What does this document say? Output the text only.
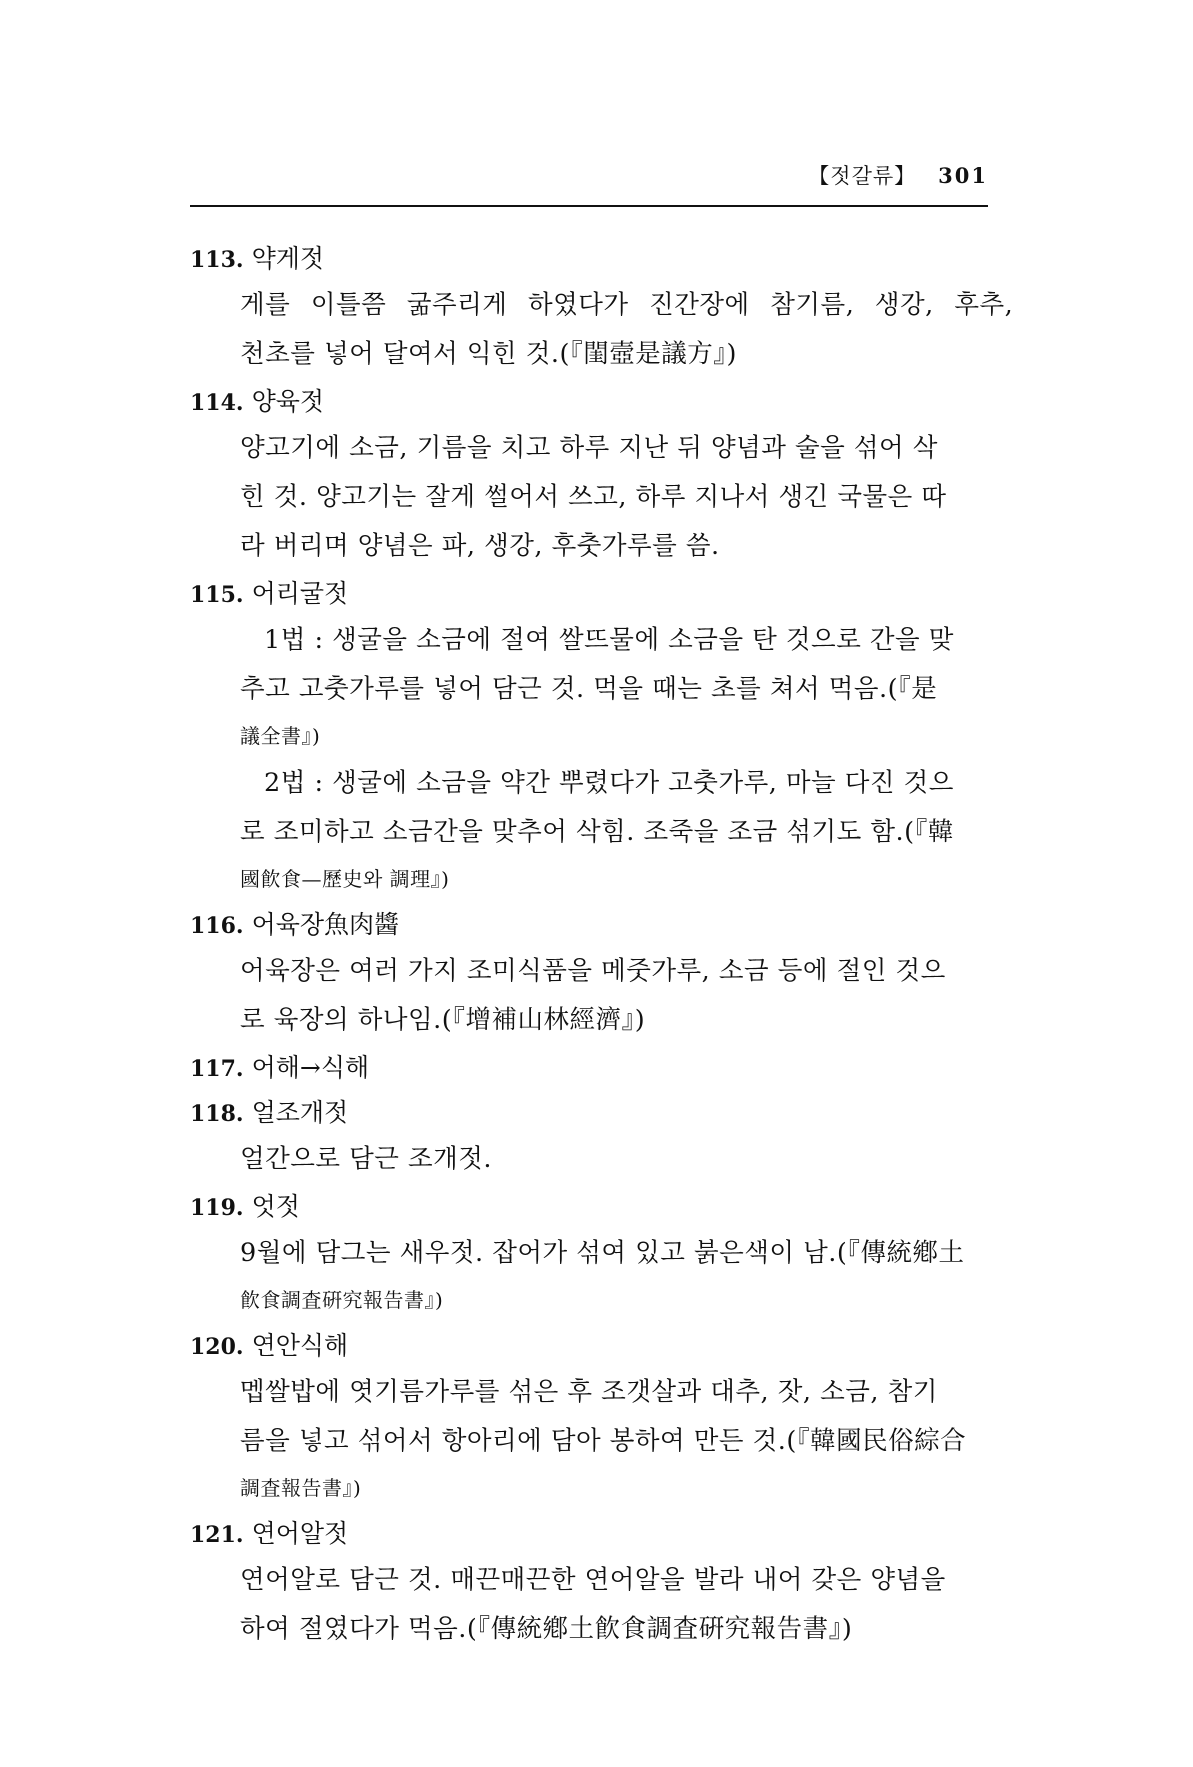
【젓갈류】 301
113. 약게젓
게를 이틀쯤 굶주리게 하였다가 진간장에 참기름, 생강, 후추,
천초를 넣어 달여서 익힌 것.(『閨壼是議方』)
114. 양육젓
양고기에 소금, 기름을 치고 하루 지난 뒤 양념과 술을 섞어 삭
힌 것. 양고기는 잘게 썰어서 쓰고, 하루 지나서 생긴 국물은 따
라 버리며 양념은 파, 생강, 후춧가루를 씀.
115. 어리굴젓
1법 : 생굴을 소금에 절여 쌀뜨물에 소금을 탄 것으로 간을 맞
추고 고춧가루를 넣어 담근 것. 먹을 때는 초를 쳐서 먹음.(『是
議全書』)
2법 : 생굴에 소금을 약간 뿌렸다가 고춧가루, 마늘 다진 것으
로 조미하고 소금간을 맞추어 삭힘. 조죽을 조금 섞기도 함.(『韓
國飮食—歷史와 調理』)
116. 어육장魚肉醬
어육장은 여러 가지 조미식품을 메줏가루, 소금 등에 절인 것으
로 육장의 하나임.(『增補山林經濟』)
117. 어해→식해
118. 얼조개젓
얼간으로 담근 조개젓.
119. 엇젓
9월에 담그는 새우젓. 잡어가 섞여 있고 붉은색이 남.(『傳統鄕土
飮食調査硏究報告書』)
120. 연안식해
멥쌀밥에 엿기름가루를 섞은 후 조갯살과 대추, 잣, 소금, 참기
름을 넣고 섞어서 항아리에 담아 봉하여 만든 것.(『韓國民俗綜合
調査報告書』)
121. 연어알젓
연어알로 담근 것. 매끈매끈한 연어알을 발라 내어 갖은 양념을
하여 절였다가 먹음.(『傳統鄕土飮食調査硏究報告書』)
